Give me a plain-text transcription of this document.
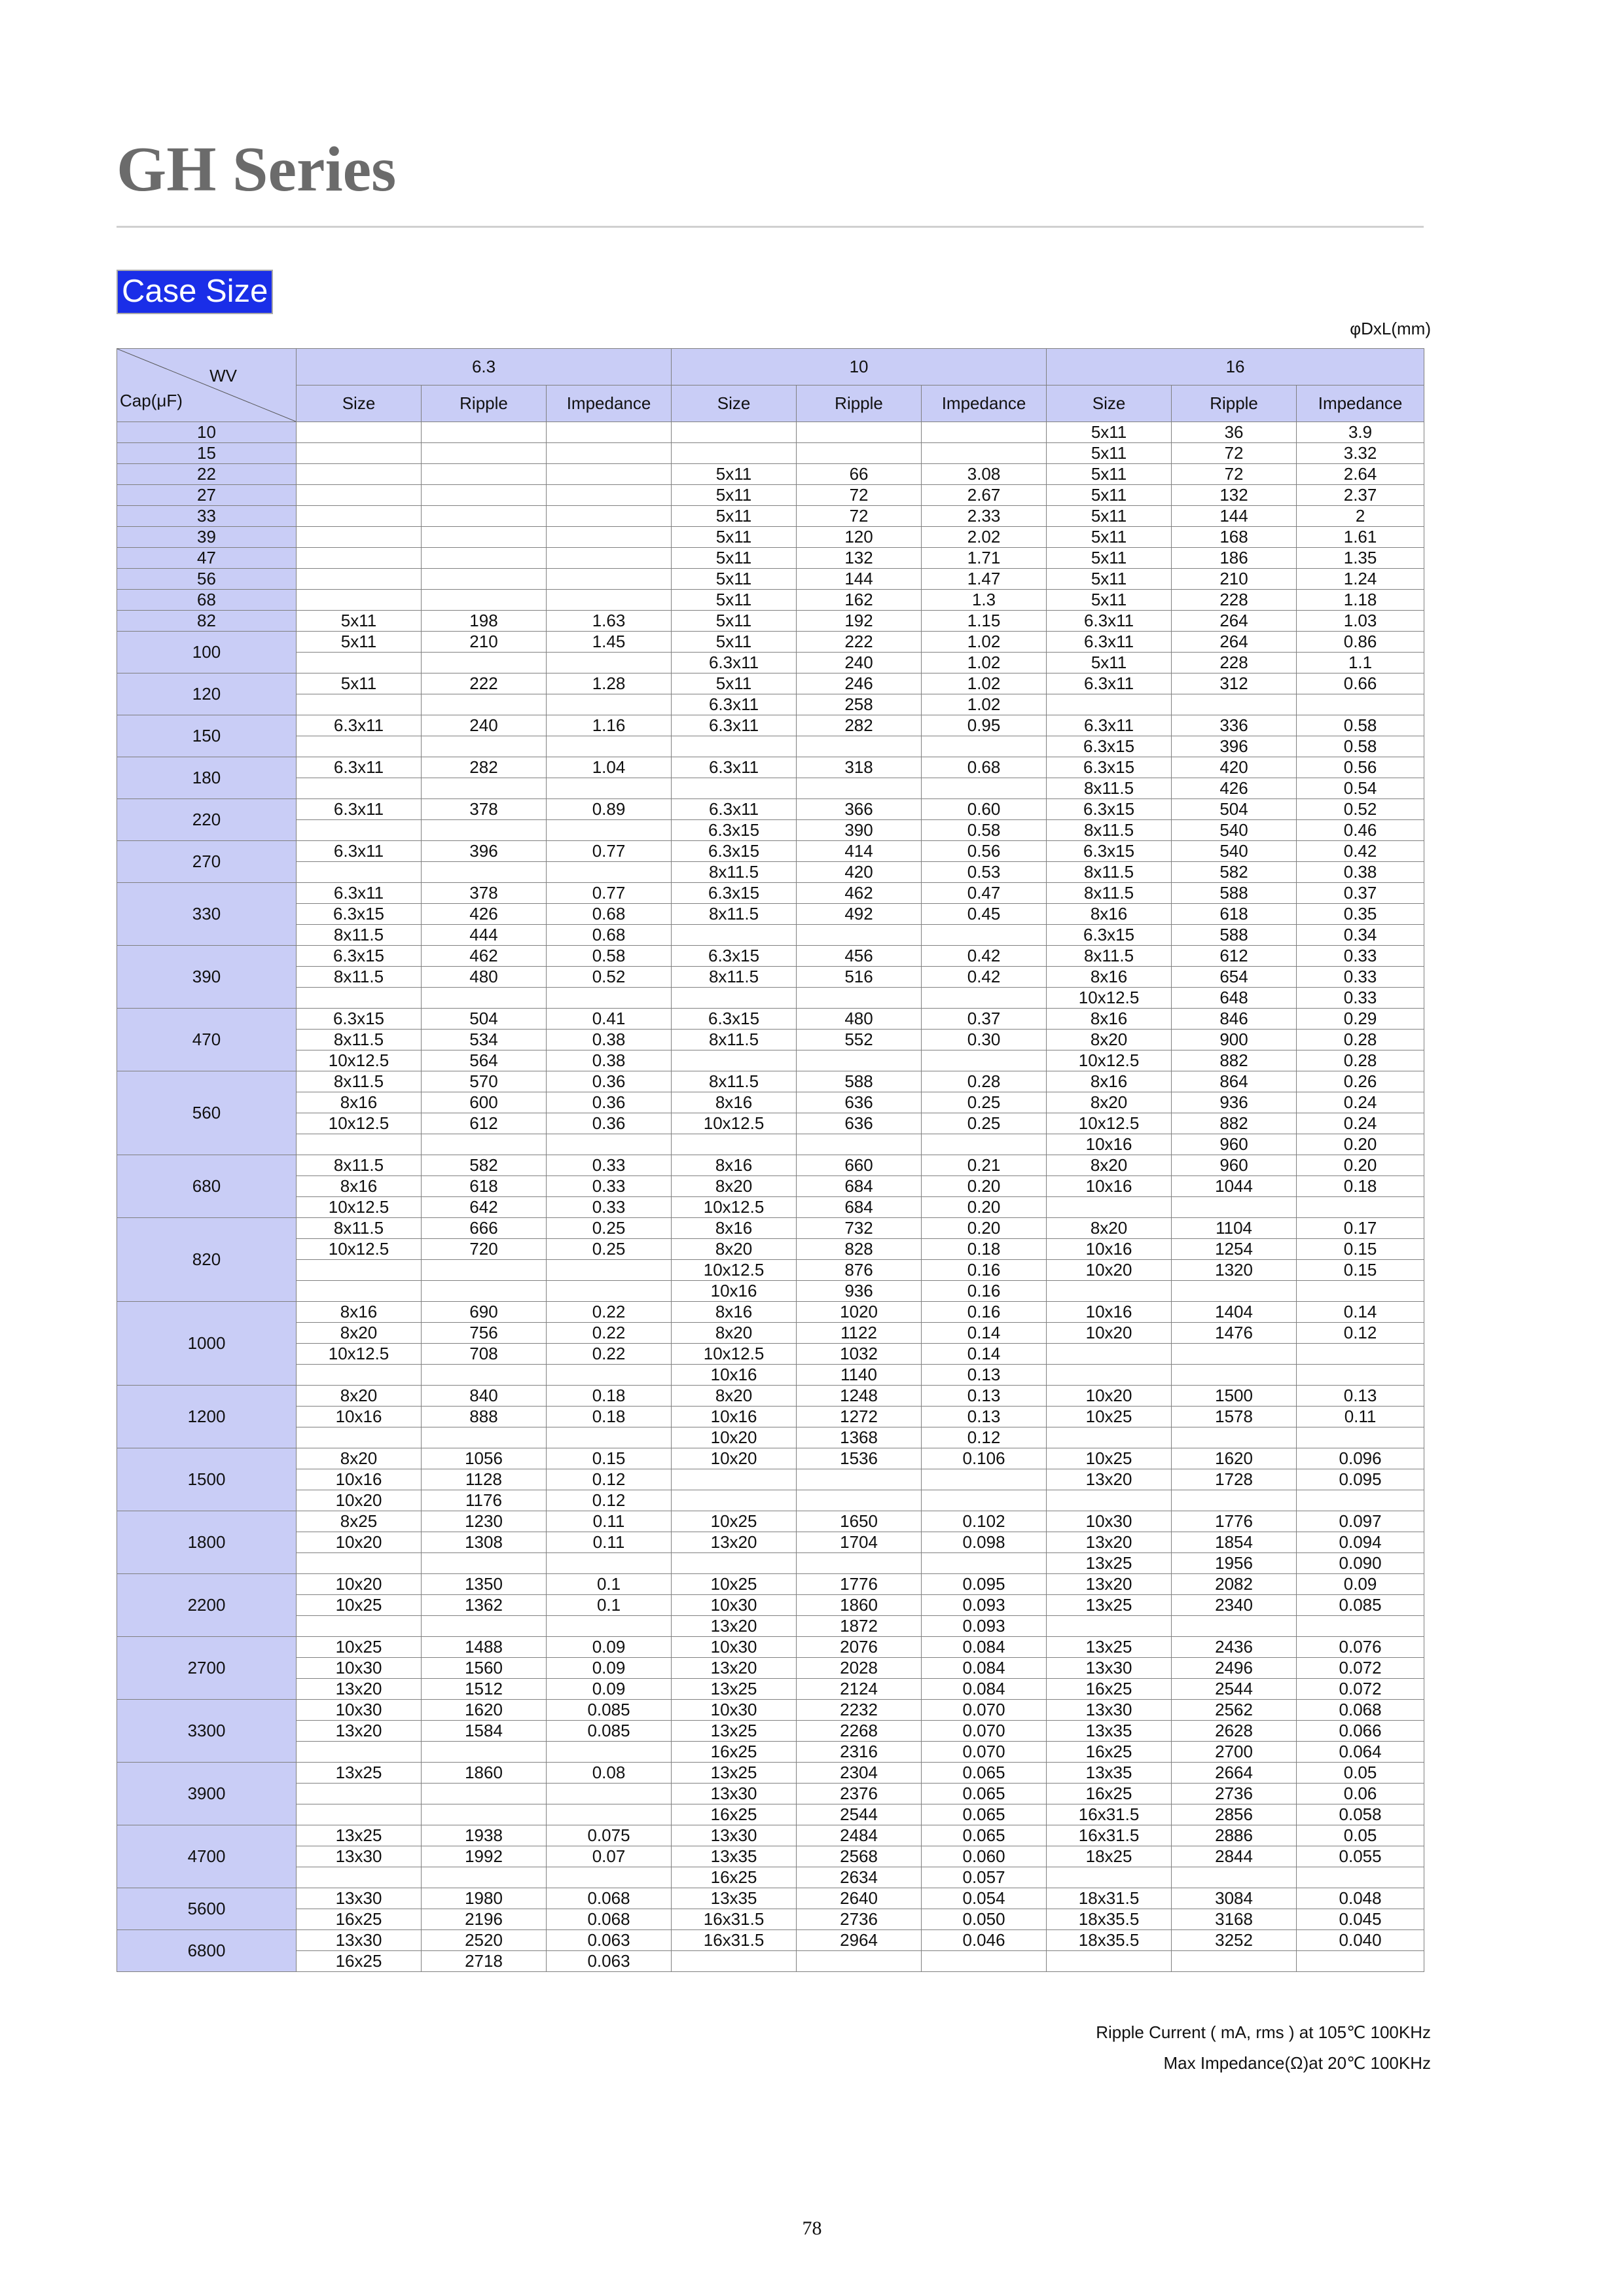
GH Series
Case Size
φDxL(mm)
WV
Cap(μF)	6.3			10			16		
	Size	Ripple	Impedance	Size	Ripple	Impedance	Size	Ripple	Impedance
10							5x11	36	3.9
15							5x11	72	3.32
22				5x11	66	3.08	5x11	72	2.64
27				5x11	72	2.67	5x11	132	2.37
33				5x11	72	2.33	5x11	144	2
39				5x11	120	2.02	5x11	168	1.61
47				5x11	132	1.71	5x11	186	1.35
56				5x11	144	1.47	5x11	210	1.24
68				5x11	162	1.3	5x11	228	1.18
82	5x11	198	1.63	5x11	192	1.15	6.3x11	264	1.03
100	5x11	210	1.45	5x11	222	1.02	6.3x11	264	0.86
				6.3x11	240	1.02	5x11	228	1.1
120	5x11	222	1.28	5x11	246	1.02	6.3x11	312	0.66
				6.3x11	258	1.02			
150	6.3x11	240	1.16	6.3x11	282	0.95	6.3x11	336	0.58
							6.3x15	396	0.58
180	6.3x11	282	1.04	6.3x11	318	0.68	6.3x15	420	0.56
							8x11.5	426	0.54
220	6.3x11	378	0.89	6.3x11	366	0.60	6.3x15	504	0.52
				6.3x15	390	0.58	8x11.5	540	0.46
270	6.3x11	396	0.77	6.3x15	414	0.56	6.3x15	540	0.42
				8x11.5	420	0.53	8x11.5	582	0.38
330	6.3x11	378	0.77	6.3x15	462	0.47	8x11.5	588	0.37
	6.3x15	426	0.68	8x11.5	492	0.45	8x16	618	0.35
	8x11.5	444	0.68				6.3x15	588	0.34
390	6.3x15	462	0.58	6.3x15	456	0.42	8x11.5	612	0.33
	8x11.5	480	0.52	8x11.5	516	0.42	8x16	654	0.33
							10x12.5	648	0.33
470	6.3x15	504	0.41	6.3x15	480	0.37	8x16	846	0.29
	8x11.5	534	0.38	8x11.5	552	0.30	8x20	900	0.28
	10x12.5	564	0.38				10x12.5	882	0.28
560	8x11.5	570	0.36	8x11.5	588	0.28	8x16	864	0.26
	8x16	600	0.36	8x16	636	0.25	8x20	936	0.24
	10x12.5	612	0.36	10x12.5	636	0.25	10x12.5	882	0.24
							10x16	960	0.20
680	8x11.5	582	0.33	8x16	660	0.21	8x20	960	0.20
	8x16	618	0.33	8x20	684	0.20	10x16	1044	0.18
	10x12.5	642	0.33	10x12.5	684	0.20			
820	8x11.5	666	0.25	8x16	732	0.20	8x20	1104	0.17
	10x12.5	720	0.25	8x20	828	0.18	10x16	1254	0.15
				10x12.5	876	0.16	10x20	1320	0.15
				10x16	936	0.16			
1000	8x16	690	0.22	8x16	1020	0.16	10x16	1404	0.14
	8x20	756	0.22	8x20	1122	0.14	10x20	1476	0.12
	10x12.5	708	0.22	10x12.5	1032	0.14			
				10x16	1140	0.13			
1200	8x20	840	0.18	8x20	1248	0.13	10x20	1500	0.13
	10x16	888	0.18	10x16	1272	0.13	10x25	1578	0.11
				10x20	1368	0.12			
1500	8x20	1056	0.15	10x20	1536	0.106	10x25	1620	0.096
	10x16	1128	0.12				13x20	1728	0.095
	10x20	1176	0.12						
1800	8x25	1230	0.11	10x25	1650	0.102	10x30	1776	0.097
	10x20	1308	0.11	13x20	1704	0.098	13x20	1854	0.094
							13x25	1956	0.090
2200	10x20	1350	0.1	10x25	1776	0.095	13x20	2082	0.09
	10x25	1362	0.1	10x30	1860	0.093	13x25	2340	0.085
				13x20	1872	0.093			
2700	10x25	1488	0.09	10x30	2076	0.084	13x25	2436	0.076
	10x30	1560	0.09	13x20	2028	0.084	13x30	2496	0.072
	13x20	1512	0.09	13x25	2124	0.084	16x25	2544	0.072
3300	10x30	1620	0.085	10x30	2232	0.070	13x30	2562	0.068
	13x20	1584	0.085	13x25	2268	0.070	13x35	2628	0.066
				16x25	2316	0.070	16x25	2700	0.064
3900	13x25	1860	0.08	13x25	2304	0.065	13x35	2664	0.05
				13x30	2376	0.065	16x25	2736	0.06
				16x25	2544	0.065	16x31.5	2856	0.058
4700	13x25	1938	0.075	13x30	2484	0.065	16x31.5	2886	0.05
	13x30	1992	0.07	13x35	2568	0.060	18x25	2844	0.055
				16x25	2634	0.057			
5600	13x30	1980	0.068	13x35	2640	0.054	18x31.5	3084	0.048
	16x25	2196	0.068	16x31.5	2736	0.050	18x35.5	3168	0.045
6800	13x30	2520	0.063	16x31.5	2964	0.046	18x35.5	3252	0.040
	16x25	2718	0.063						
Ripple Current ( mA, rms ) at 105℃ 100KHz
Max Impedance(Ω)at 20℃ 100KHz
78
